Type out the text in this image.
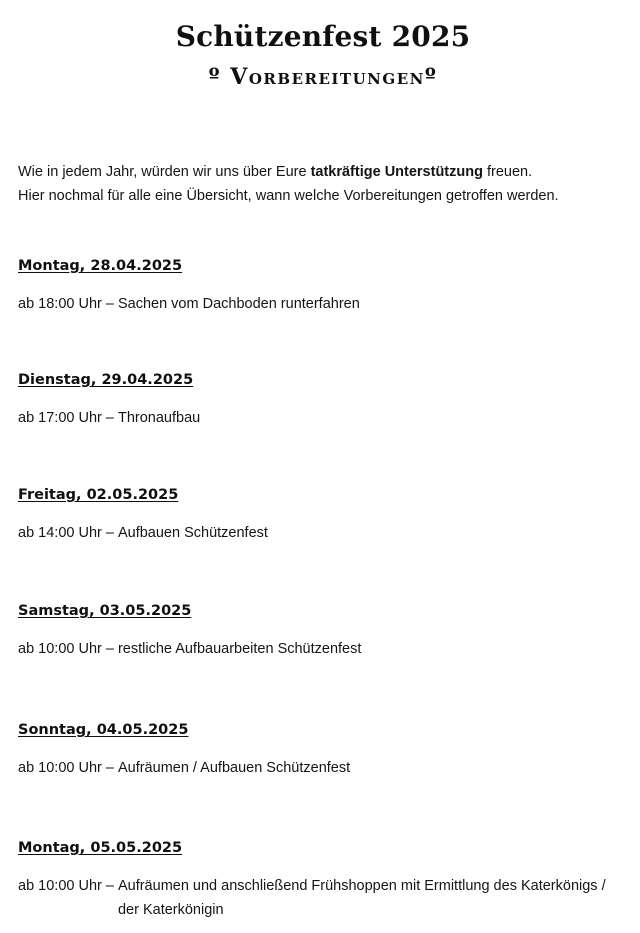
Schützenfest 2025
º Vorbereitungenº

Wie in jedem Jahr, würden wir uns über Eure tatkräftige Unterstützung freuen.

Hier nochmal für alle eine Übersicht, wann welche Vorbereitungen getroffen werden.

Montag, 28.04.2025
ab 18:00 Uhr – Sachen vom Dachboden runterfahren
Dienstag, 29.04.2025
ab 17:00 Uhr – Thronaufbau
Freitag, 02.05.2025
ab 14:00 Uhr – Aufbauen Schützenfest
Samstag, 03.05.2025
ab 10:00 Uhr – restliche Aufbauarbeiten Schützenfest
Sonntag, 04.05.2025
ab 10:00 Uhr – Aufräumen / Aufbauen Schützenfest
Montag, 05.05.2025
ab 10:00 Uhr – Aufräumen und anschließend Frühshoppen mit Ermittlung des Katerkönigs / der Katerkönigin
